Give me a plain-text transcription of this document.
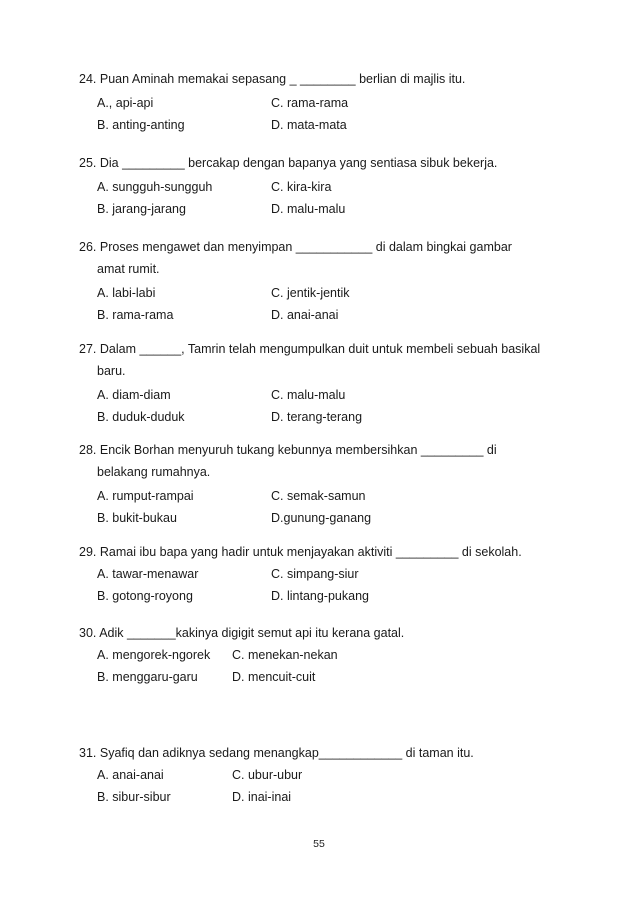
24. Puan Aminah memakai sepasang _ ________ berlian di majlis itu.
A., api-api	C. rama-rama
B. anting-anting	D. mata-mata
25. Dia _________ bercakap dengan bapanya yang sentiasa sibuk bekerja.
A. sungguh-sungguh	C. kira-kira
B. jarang-jarang	D. malu-malu
26. Proses mengawet dan menyimpan ___________ di dalam bingkai gambar
amat rumit.
A. labi-labi	C. jentik-jentik
B. rama-rama	D. anai-anai
27. Dalam ______, Tamrin telah mengumpulkan duit untuk membeli sebuah basikal
baru.
A. diam-diam	C. malu-malu
B. duduk-duduk	D. terang-terang
28. Encik Borhan menyuruh tukang kebunnya membersihkan _________ di
belakang rumahnya.
A. rumput-rampai	C. semak-samun
B. bukit-bukau	D.gunung-ganang
29. Ramai ibu bapa yang hadir untuk menjayakan aktiviti _________ di sekolah.
A. tawar-menawar	C. simpang-siur
B. gotong-royong	D. lintang-pukang
30. Adik _______kakinya digigit semut api itu kerana gatal.
A. mengorek-ngorek C. menekan-nekan
B. menggaru-garu	D. mencuit-cuit
31. Syafiq dan adiknya sedang menangkap____________ di taman itu.
A. anai-anai	C. ubur-ubur
B. sibur-sibur	D. inai-inai
55
